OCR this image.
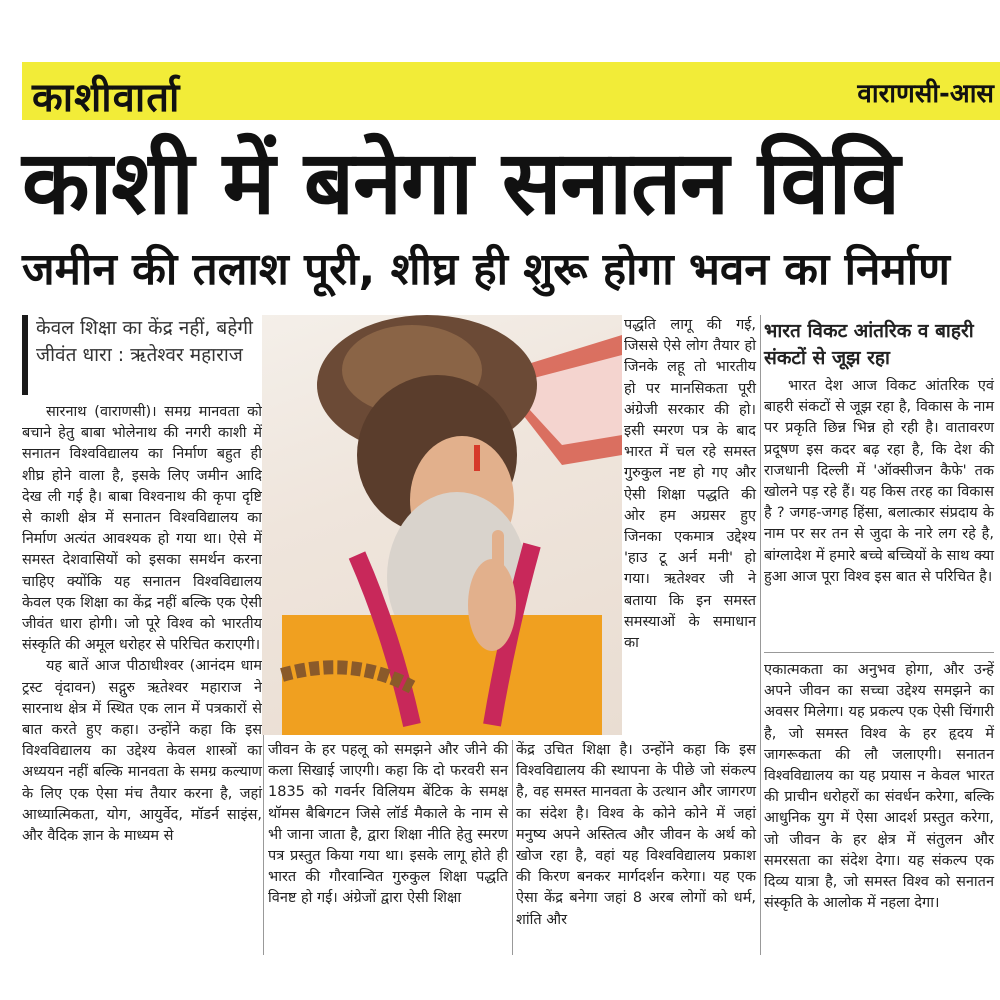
काशीवार्ता	वाराणसी-आस
काशी में बनेगा सनातन विवि
जमीन की तलाश पूरी, शीघ्र ही शुरू होगा भवन का निर्माण
केवल शिक्षा का केंद्र नहीं, बहेगी जीवंत धारा : ऋतेश्वर महाराज

सारनाथ (वाराणसी)। समग्र मानवता को बचाने हेतु बाबा भोलेनाथ की नगरी काशी में सनातन विश्वविद्यालय का निर्माण बहुत ही शीघ्र होने वाला है, इसके लिए जमीन आदि देख ली गई है। बाबा विश्वनाथ की कृपा दृष्टि से काशी क्षेत्र में सनातन विश्वविद्यालय का निर्माण अत्यंत आवश्यक हो गया था। ऐसे में समस्त देशवासियों को इसका समर्थन करना चाहिए क्योंकि यह सनातन विश्वविद्यालय केवल एक शिक्षा का केंद्र नहीं बल्कि एक ऐसी जीवंत धारा होगी। जो पूरे विश्व को भारतीय संस्कृति की अमूल धरोहर से परिचित कराएगी।

यह बातें आज पीठाधीश्वर (आनंदम धाम ट्रस्ट वृंदावन) सद्गुरु ऋतेश्वर महाराज ने सारनाथ क्षेत्र में स्थित एक लान में पत्रकारों से बात करते हुए कहा। उन्होंने कहा कि इस विश्वविद्यालय का उद्देश्य केवल शास्त्रों का अध्ययन नहीं बल्कि मानवता के समग्र कल्याण के लिए एक ऐसा मंच तैयार करना है, जहां आध्यात्मिकता, योग, आयुर्वेद, मॉडर्न साइंस, और वैदिक ज्ञान के माध्यम से

पद्धति लागू की गई, जिससे ऐसे लोग तैयार हो जिनके लहू तो भारतीय हो पर मानसिकता पूरी अंग्रेजी सरकार की हो। इसी स्मरण पत्र के बाद भारत में चल रहे समस्त गुरुकुल नष्ट हो गए और ऐसी शिक्षा पद्धति की ओर हम अग्रसर हुए जिनका एकमात्र उद्देश्य 'हाउ टू अर्न मनी' हो गया। ऋतेश्वर जी ने बताया कि इन समस्त समस्याओं के समाधान का

भारत विकट आंतरिक व बाहरी संकटों से जूझ रहा

भारत देश आज विकट आंतरिक एवं बाहरी संकटों से जूझ रहा है, विकास के नाम पर प्रकृति छिन्न भिन्न हो रही है। वातावरण प्रदूषण इस कदर बढ़ रहा है, कि देश की राजधानी दिल्ली में 'ऑक्सीजन कैफे' तक खोलने पड़ रहे हैं। यह किस तरह का विकास है ? जगह-जगह हिंसा, बलात्कार संप्रदाय के नाम पर सर तन से जुदा के नारे लग रहे है, बांग्लादेश में हमारे बच्चे बच्चियों के साथ क्या हुआ आज पूरा विश्व इस बात से परिचित है।

जीवन के हर पहलू को समझने और जीने की कला सिखाई जाएगी। कहा कि दो फरवरी सन 1835 को गवर्नर विलियम बेंटिक के समक्ष थॉमस बैबिगटन जिसे लॉर्ड मैकाले के नाम से भी जाना जाता है, द्वारा शिक्षा नीति हेतु स्मरण पत्र प्रस्तुत किया गया था। इसके लागू होते ही भारत की गौरवान्वित गुरुकुल शिक्षा पद्धति विनष्ट हो गई। अंग्रेजों द्वारा ऐसी शिक्षा

केंद्र उचित शिक्षा है। उन्होंने कहा कि इस विश्वविद्यालय की स्थापना के पीछे जो संकल्प है, वह समस्त मानवता के उत्थान और जागरण का संदेश है। विश्व के कोने कोने में जहां मनुष्य अपने अस्तित्व और जीवन के अर्थ को खोज रहा है, वहां यह विश्वविद्यालय प्रकाश की किरण बनकर मार्गदर्शन करेगा। यह एक ऐसा केंद्र बनेगा जहां 8 अरब लोगों को धर्म, शांति और

एकात्मकता का अनुभव होगा, और उन्हें अपने जीवन का सच्चा उद्देश्य समझने का अवसर मिलेगा। यह प्रकल्प एक ऐसी चिंगारी है, जो समस्त विश्व के हर हृदय में जागरूकता की लौ जलाएगी। सनातन विश्वविद्यालय का यह प्रयास न केवल भारत की प्राचीन धरोहरों का संवर्धन करेगा, बल्कि आधुनिक युग में ऐसा आदर्श प्रस्तुत करेगा, जो जीवन के हर क्षेत्र में संतुलन और समरसता का संदेश देगा। यह संकल्प एक दिव्य यात्रा है, जो समस्त विश्व को सनातन संस्कृति के आलोक में नहला देगा।
